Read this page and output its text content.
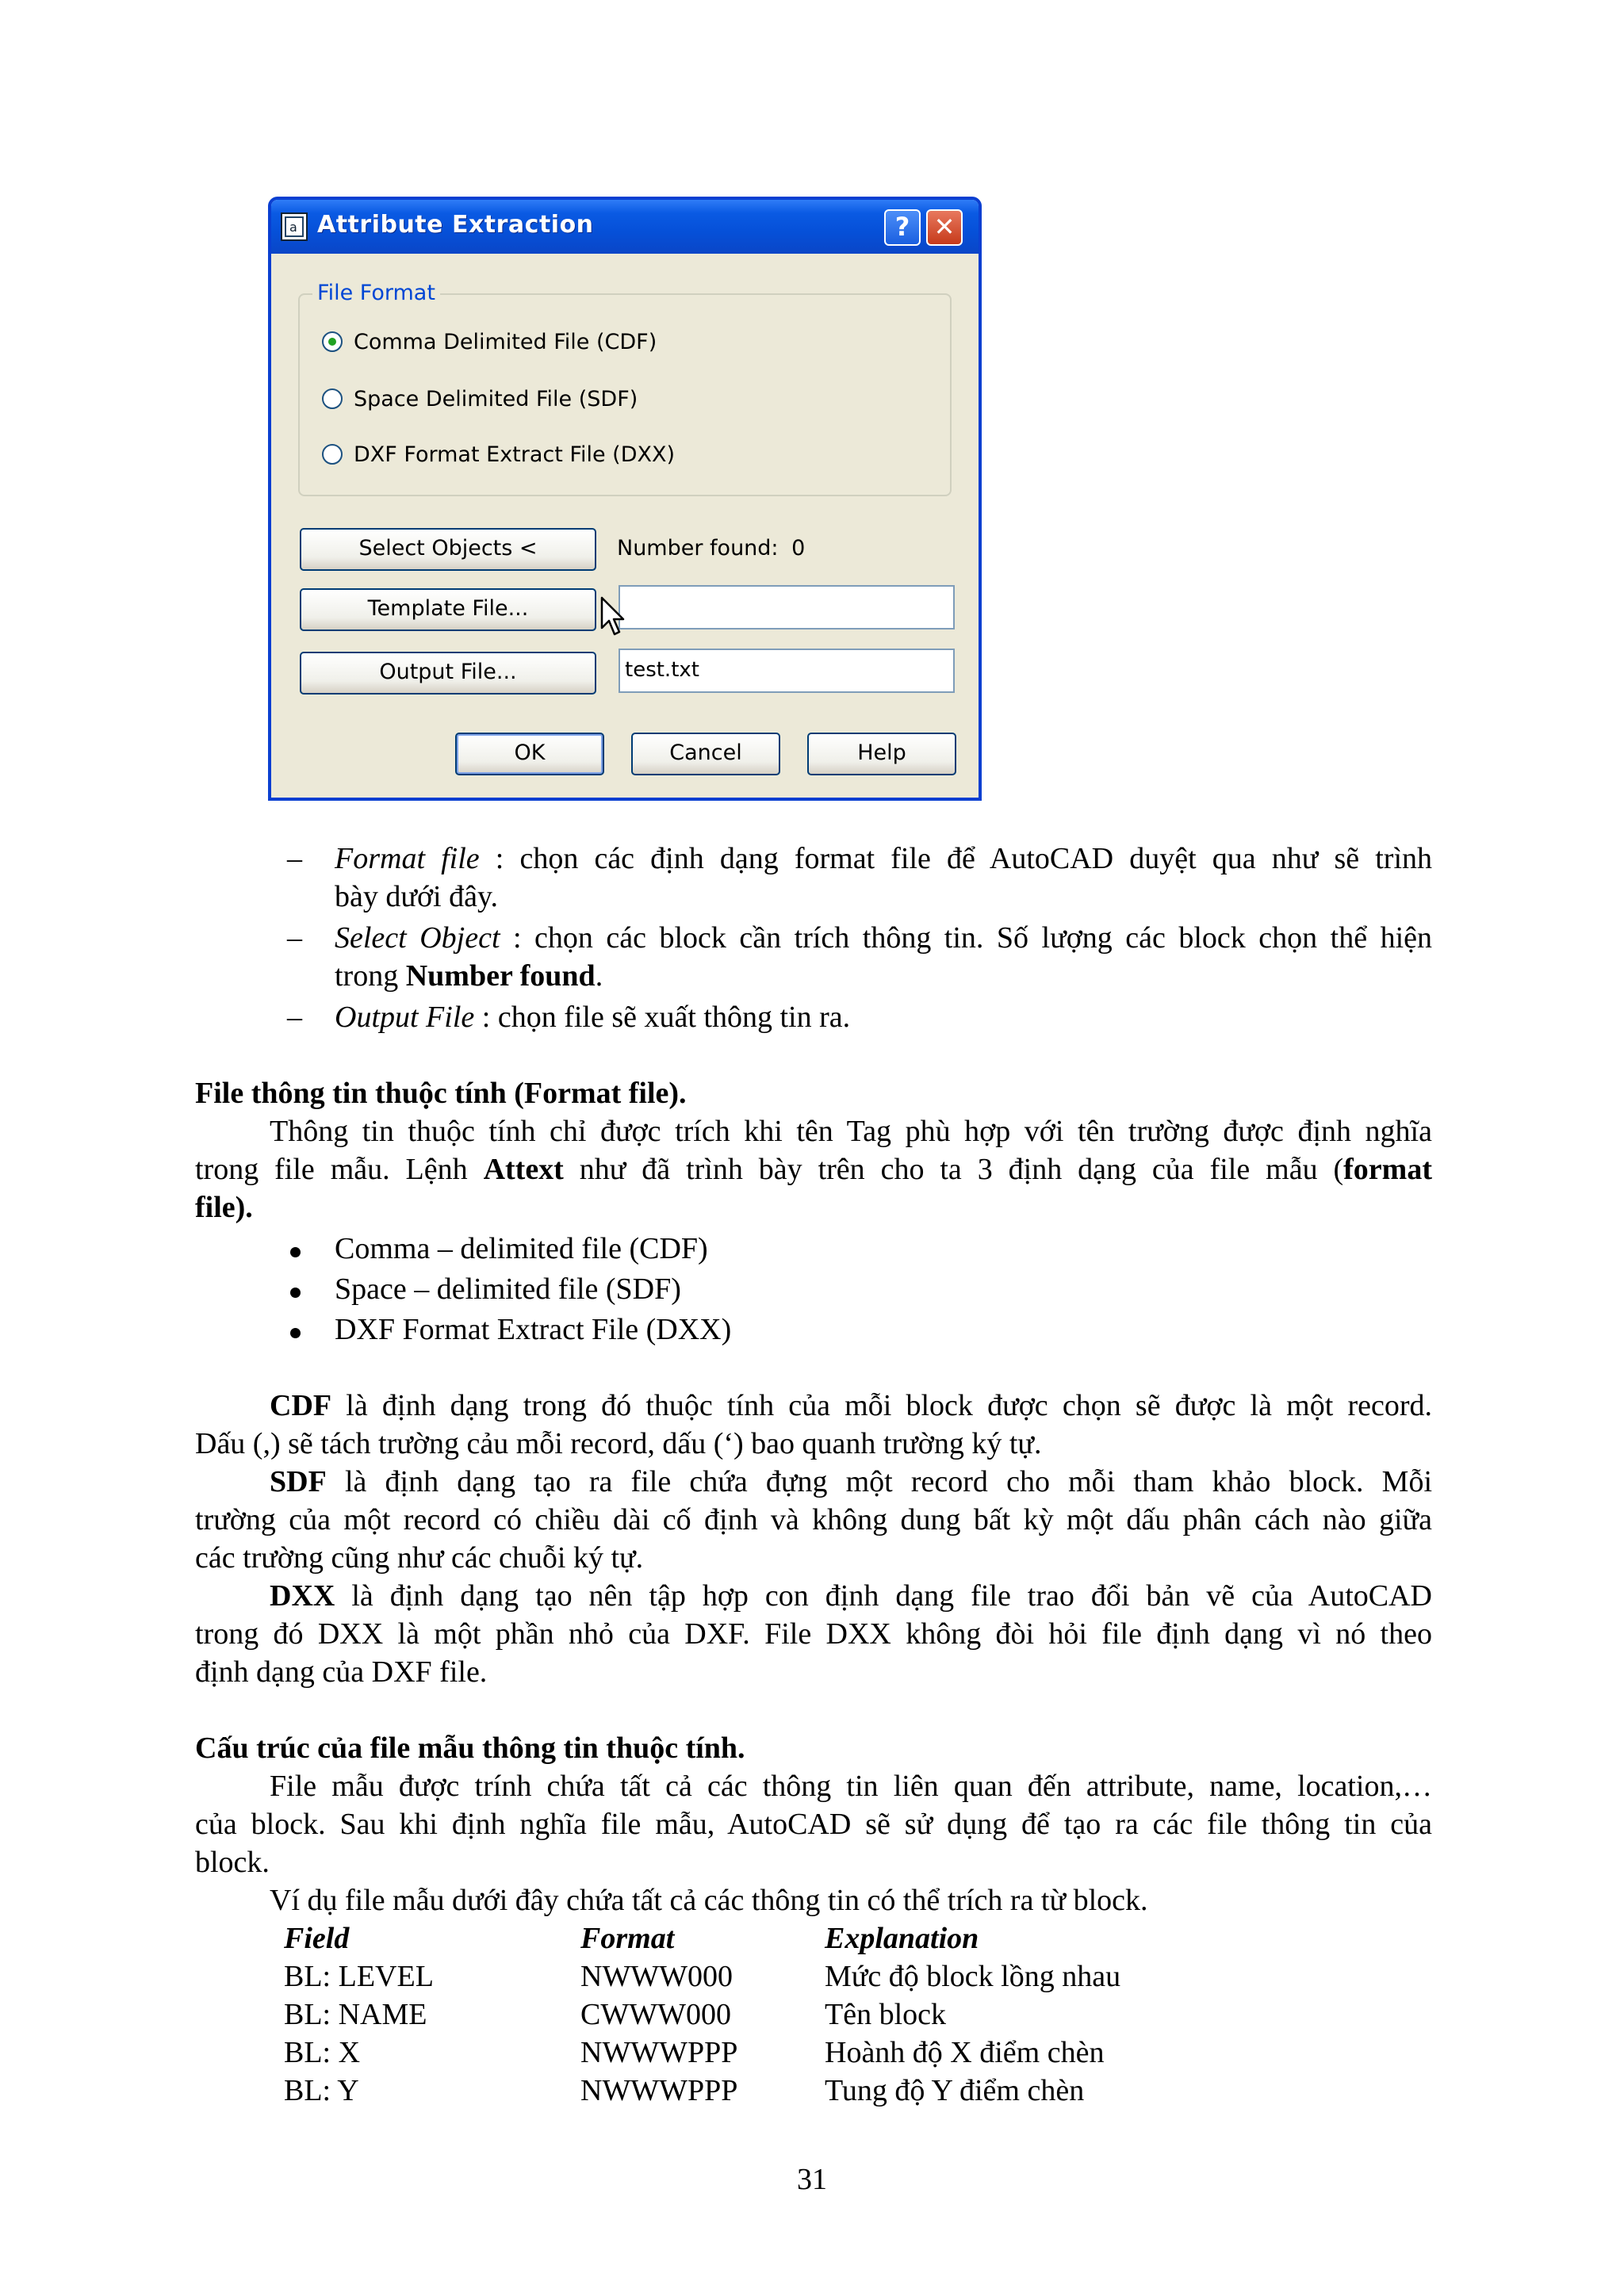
a Attribute Extraction	? ✕
File Format
Comma Delimited File (CDF)
Space Delimited File (SDF)
DXF Format Extract File (DXX)
Select Objects <	Number found: 0
Template File...
Output File...	test.txt
OK	Cancel	Help
– Format file : chọn các định dạng format file để AutoCAD duyệt qua như sẽ trình
bày dưới đây.
– Select Object : chọn các block cần trích thông tin. Số lượng các block chọn thể hiện
trong Number found.
– Output File : chọn file sẽ xuất thông tin ra.
File thông tin thuộc tính (Format file).
Thông tin thuộc tính chỉ được trích khi tên Tag phù hợp với tên trường được định nghĩa
trong file mẫu. Lệnh Attext như đã trình bày trên cho ta 3 định dạng của file mẫu (format
file).
Comma – delimited file (CDF)
Space – delimited file (SDF)
DXF Format Extract File (DXX)
CDF là định dạng trong đó thuộc tính của mỗi block được chọn sẽ được là một record.
Dấu (,) sẽ tách trường cảu mỗi record, dấu (‘) bao quanh trường ký tự.
SDF là định dạng tạo ra file chứa đựng một record cho mỗi tham khảo block. Mỗi
trường của một record có chiều dài cố định và không dung bất kỳ một dấu phân cách nào giữa
các trường cũng như các chuỗi ký tự.
DXX là định dạng tạo nên tập hợp con định dạng file trao đổi bản vẽ của AutoCAD
trong đó DXX là một phần nhỏ của DXF. File DXX không đòi hỏi file định dạng vì nó theo
định dạng của DXF file.
Cấu trúc của file mẫu thông tin thuộc tính.
File mẫu được trính chứa tất cả các thông tin liên quan đến attribute, name, location,…
của block. Sau khi định nghĩa file mẫu, AutoCAD sẽ sử dụng để tạo ra các file thông tin của
block.
Ví dụ file mẫu dưới đây chứa tất cả các thông tin có thể trích ra từ block.
Field	Format	Explanation
BL: LEVEL	NWWW000	Mức độ block lồng nhau
BL: NAME	CWWW000	Tên block
BL: X	NWWWPPP	Hoành độ X điểm chèn
BL: Y	NWWWPPP	Tung độ Y điểm chèn
31
